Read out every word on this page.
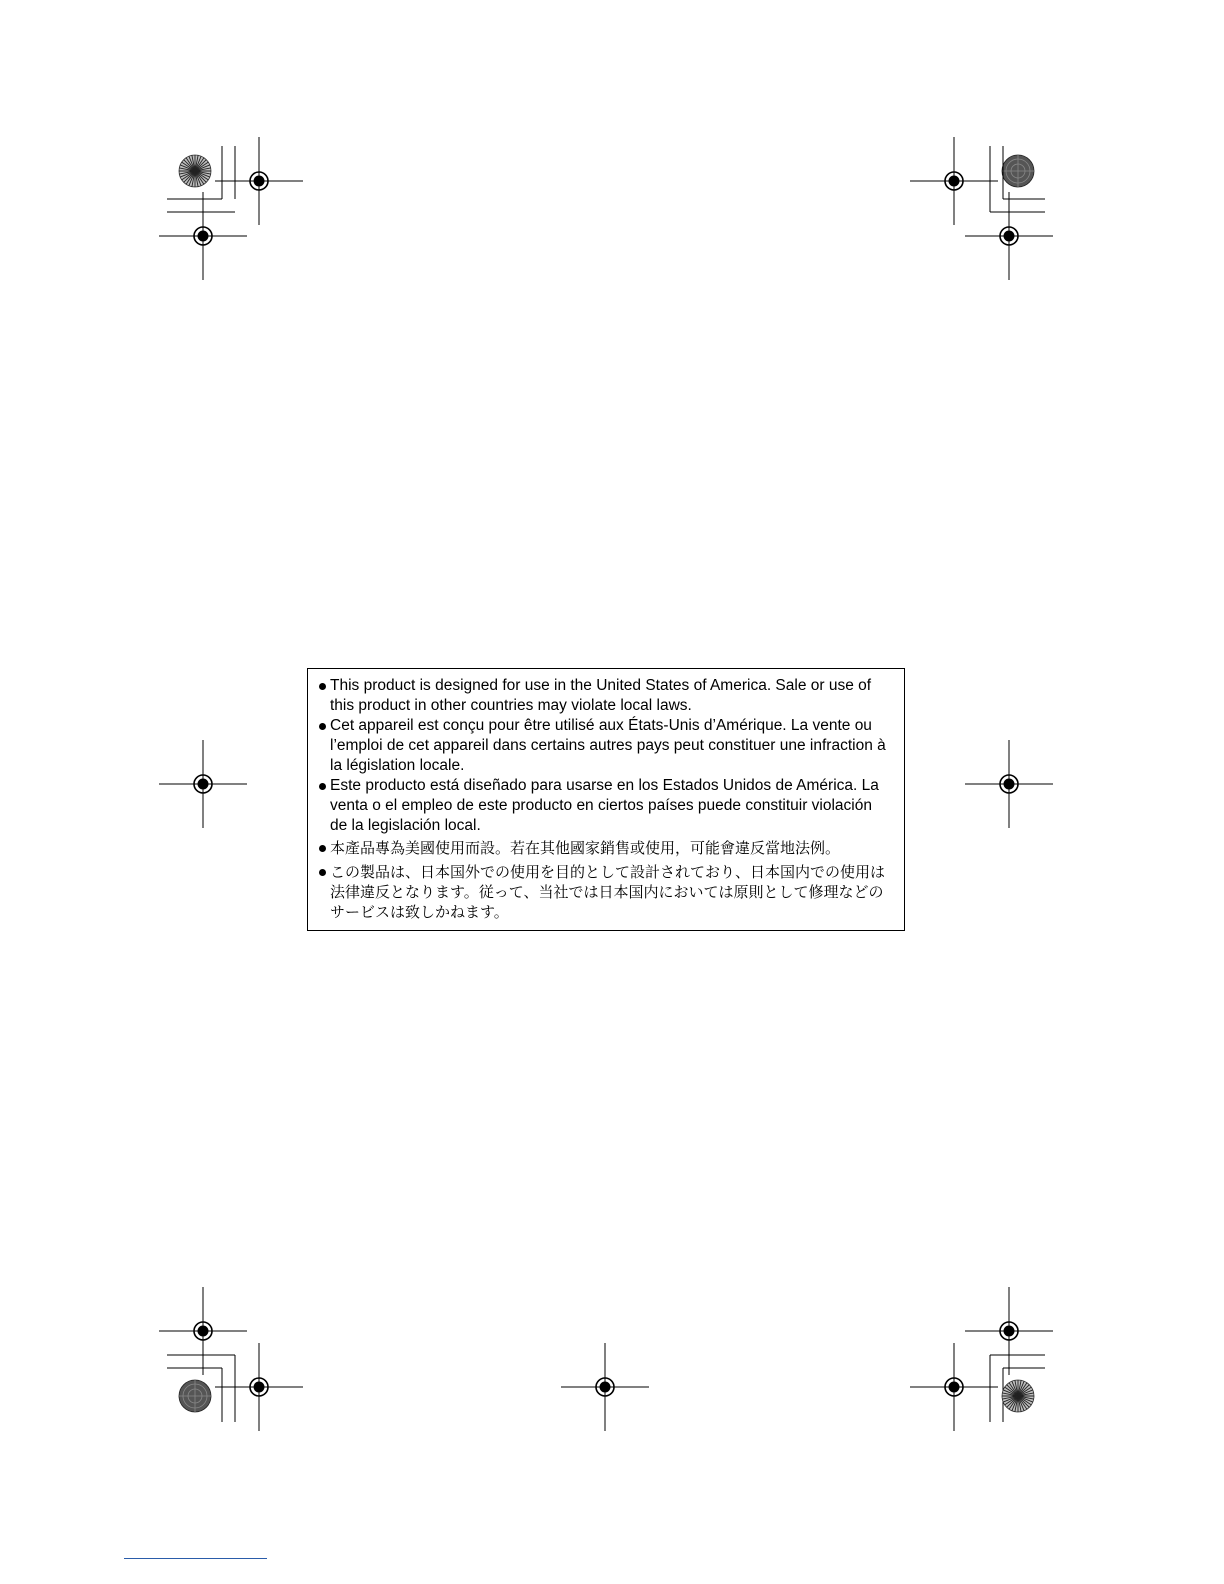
This product is designed for use in the United States of America. Sale or use of this product in other countries may violate local laws.
Cet appareil est conçu pour être utilisé aux États-Unis d’Amérique. La vente ou l’emploi de cet appareil dans certains autres pays peut constituer une infraction à la législation locale.
Este producto está diseñado para usarse en los Estados Unidos de América. La venta o el empleo de este producto en ciertos países puede constituir violación de la legislación local.
本產品專為美國使用而設。若在其他國家銷售或使用，可能會違反當地法例。
この製品は、日本国外での使用を目的として設計されており、日本国内での使用は法律違反となります。従って、当社では日本国内においては原則として修理などのサービスは致しかねます。
